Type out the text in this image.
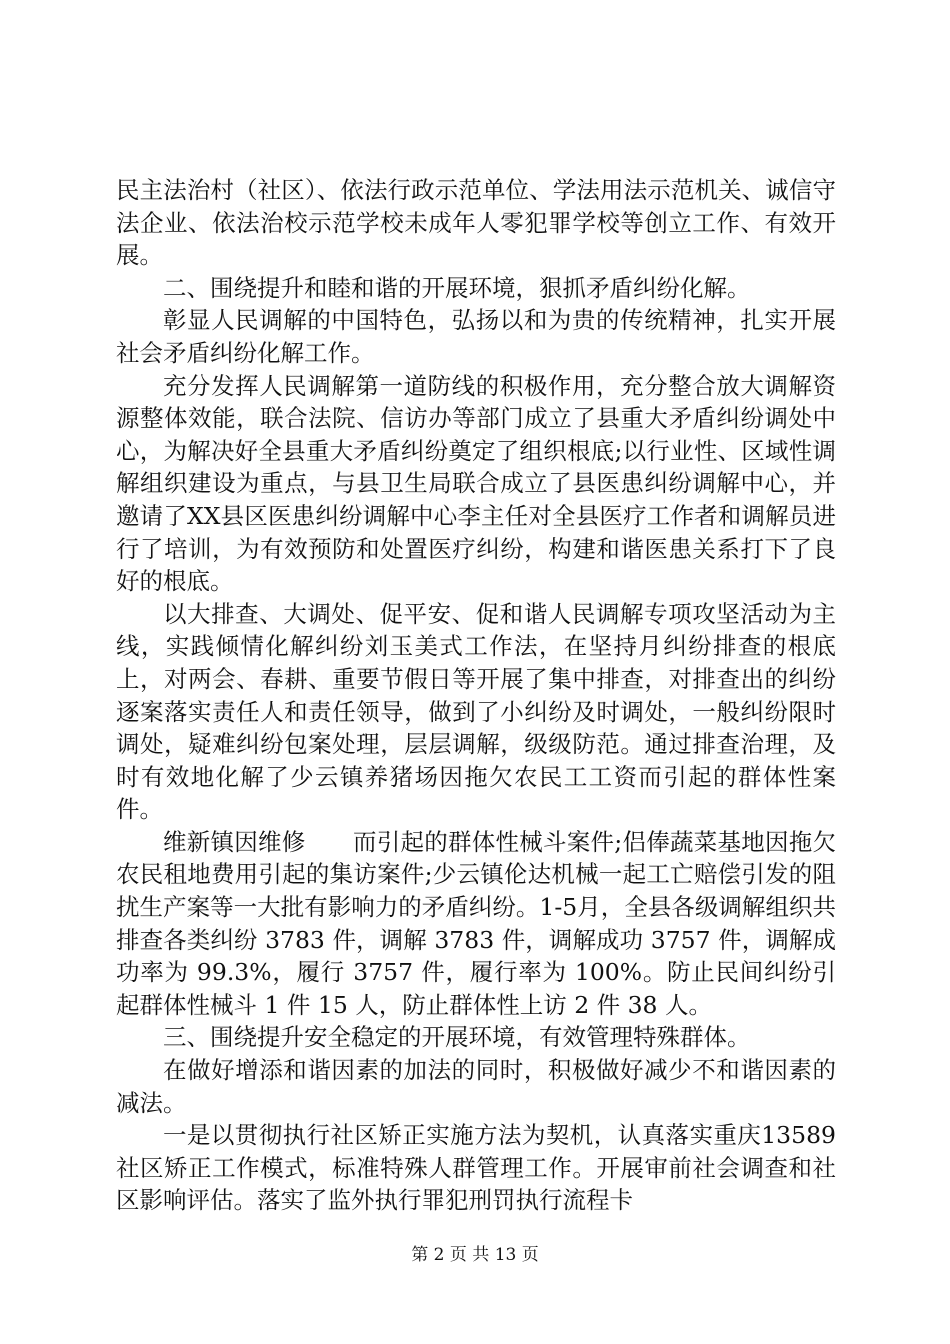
民主法治村（社区）、依法行政示范单位、学法用法示范机关、诚信守法企业、依法治校示范学校未成年人零犯罪学校等创立工作、有效开展。

二、围绕提升和睦和谐的开展环境，狠抓矛盾纠纷化解。

彰显人民调解的中国特色，弘扬以和为贵的传统精神，扎实开展社会矛盾纠纷化解工作。

充分发挥人民调解第一道防线的积极作用，充分整合放大调解资源整体效能，联合法院、信访办等部门成立了县重大矛盾纠纷调处中心，为解决好全县重大矛盾纠纷奠定了组织根底;以行业性、区域性调解组织建设为重点，与县卫生局联合成立了县医患纠纷调解中心，并邀请了XX县区医患纠纷调解中心李主任对全县医疗工作者和调解员进行了培训，为有效预防和处置医疗纠纷，构建和谐医患关系打下了良好的根底。

以大排查、大调处、促平安、促和谐人民调解专项攻坚活动为主线，实践倾情化解纠纷刘玉美式工作法，在坚持月纠纷排查的根底上，对两会、春耕、重要节假日等开展了集中排查，对排查出的纠纷逐案落实责任人和责任领导，做到了小纠纷及时调处，一般纠纷限时调处，疑难纠纷包案处理，层层调解，级级防范。通过排查治理，及时有效地化解了少云镇养猪场因拖欠农民工工资而引起的群体性案件。

维新镇因维修　　而引起的群体性械斗案件;侣俸蔬菜基地因拖欠农民租地费用引起的集访案件;少云镇伦达机械一起工亡赔偿引发的阻扰生产案等一大批有影响力的矛盾纠纷。1-5月，全县各级调解组织共排查各类纠纷 3783 件，调解 3783 件，调解成功 3757 件，调解成功率为 99.3%，履行 3757 件，履行率为 100%。防止民间纠纷引起群体性械斗 1 件 15 人，防止群体性上访 2 件 38 人。

三、围绕提升安全稳定的开展环境，有效管理特殊群体。

在做好增添和谐因素的加法的同时，积极做好减少不和谐因素的减法。

一是以贯彻执行社区矫正实施方法为契机，认真落实重庆13589 社区矫正工作模式，标准特殊人群管理工作。开展审前社会调查和社区影响评估。落实了监外执行罪犯刑罚执行流程卡

第 2 页 共 13 页
